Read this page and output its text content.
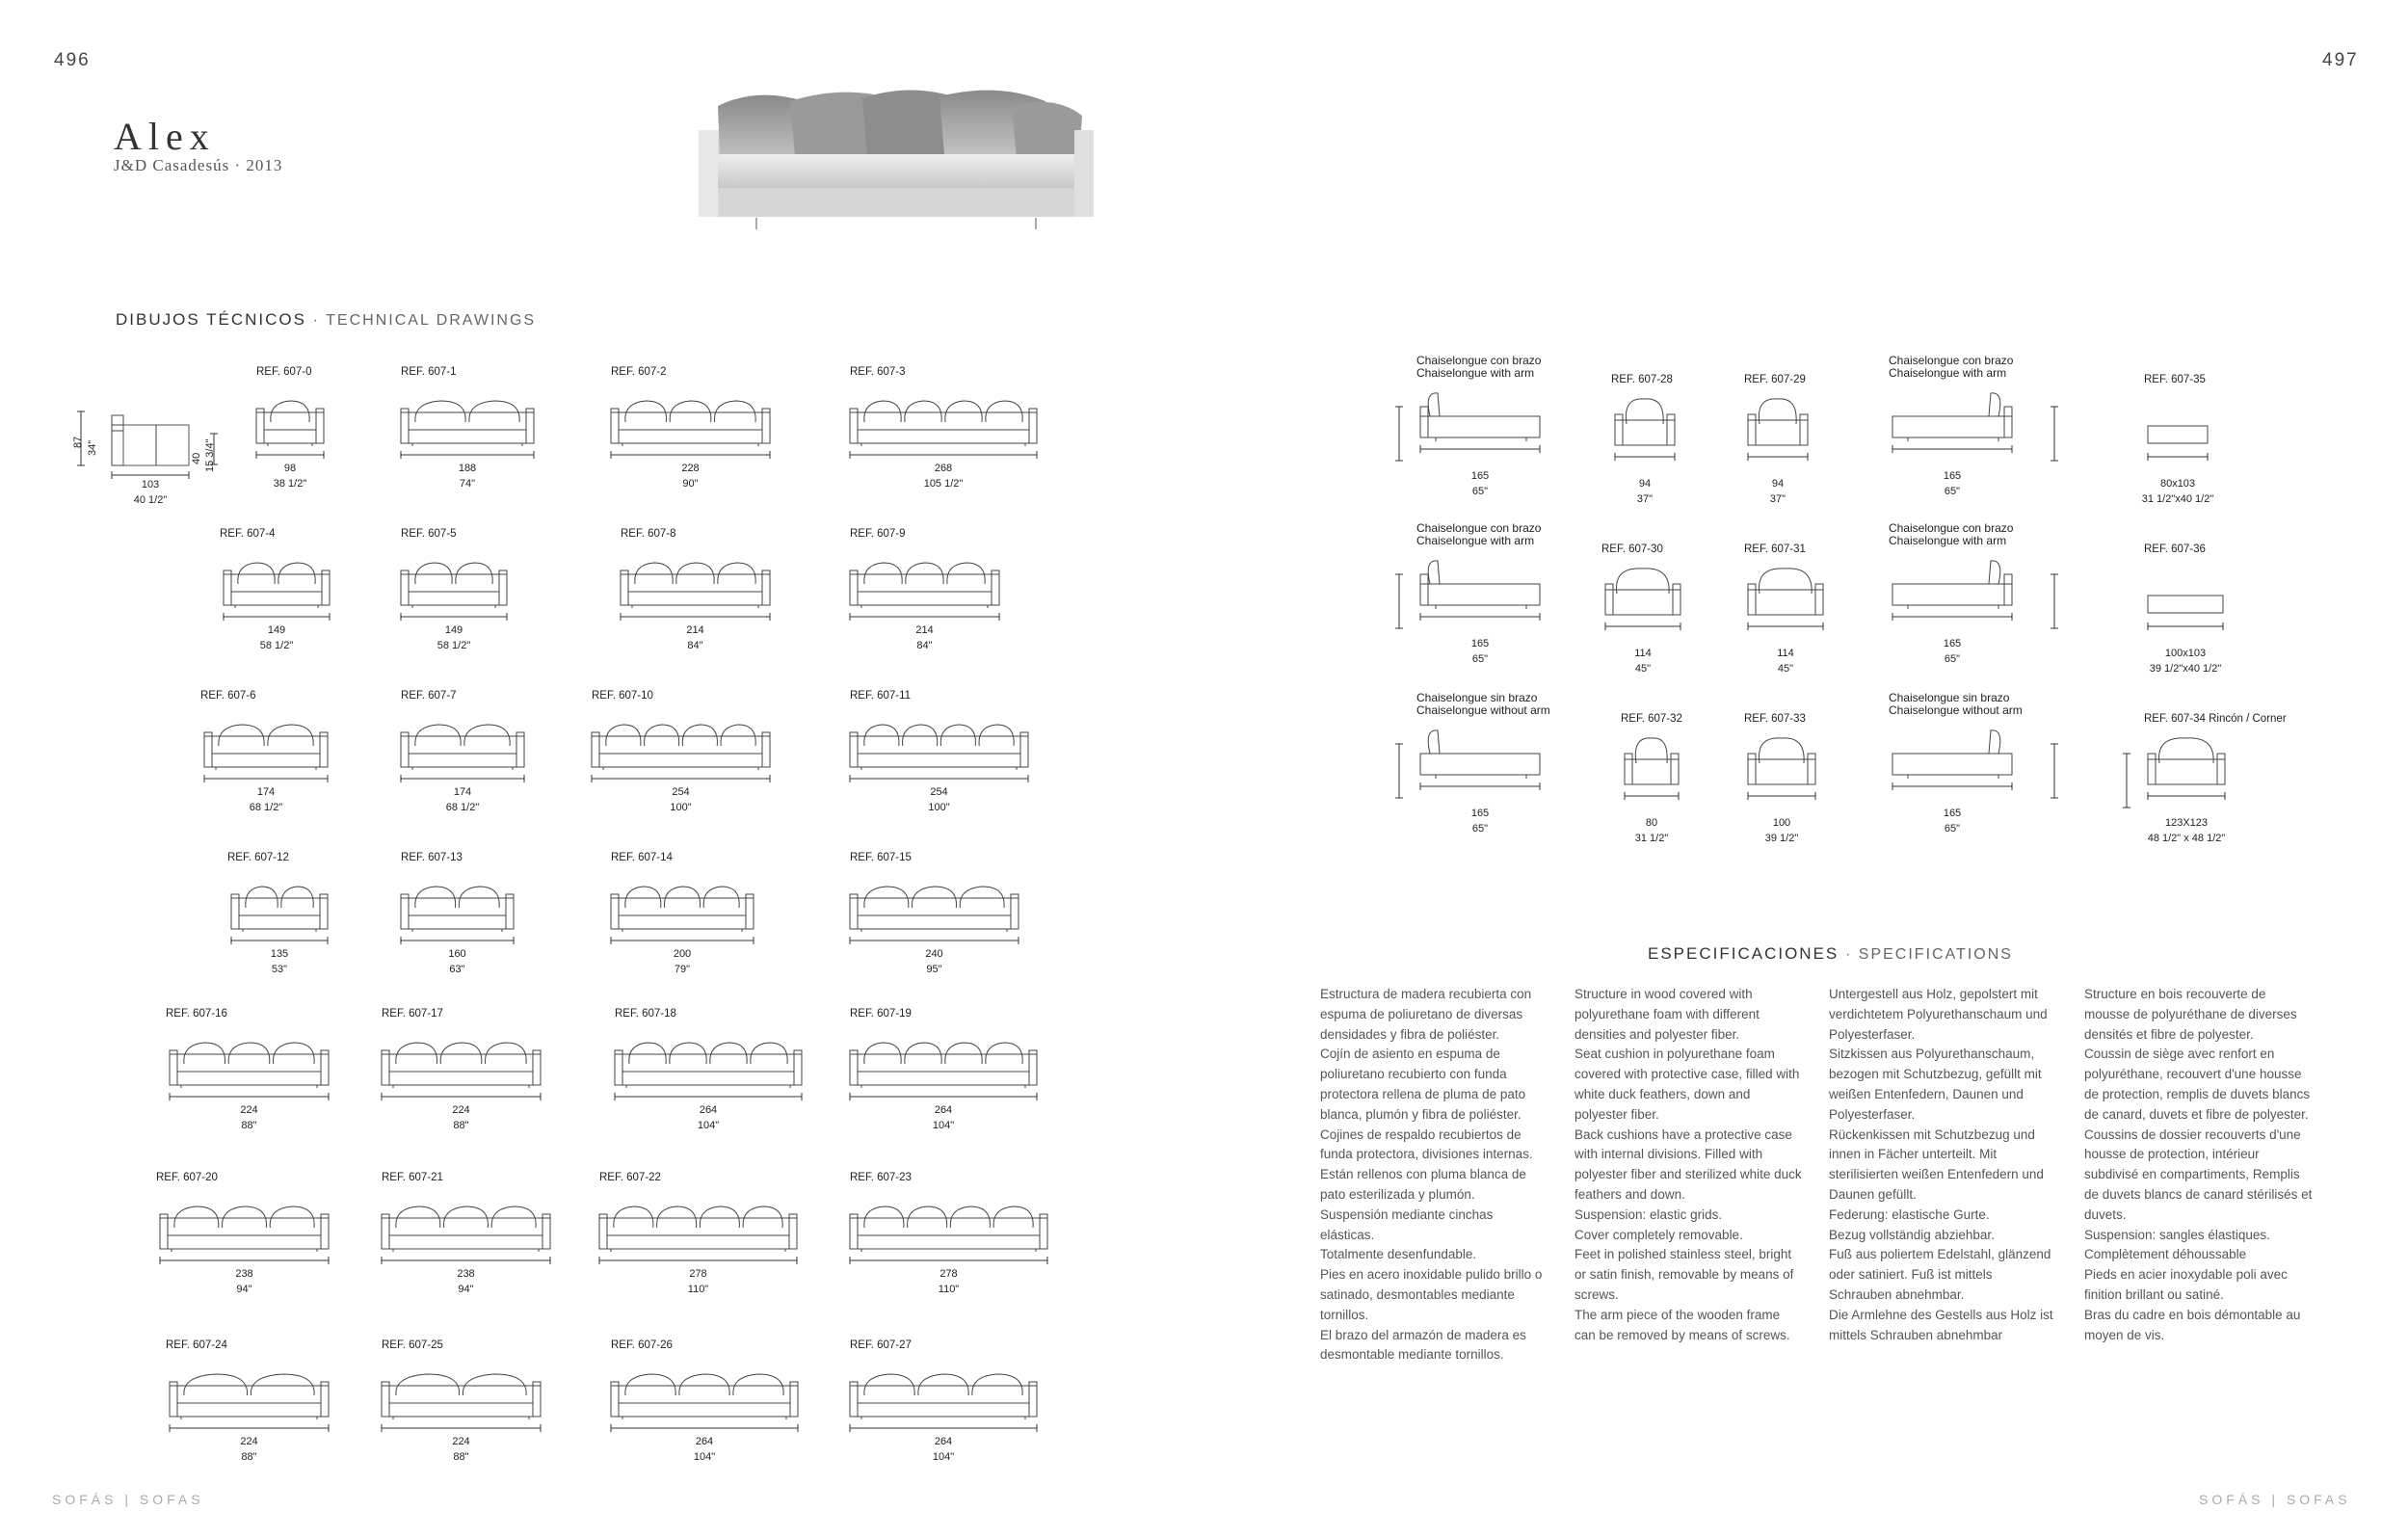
496	497
Alex
J&D Casadesús · 2013
DIBUJOS TÉCNICOS · TECHNICAL DRAWINGS
87 34"
103
40 1/2"
40 15 3/4"
REF. 607-0
98
38 1/2"
REF. 607-1
188
74"
REF. 607-2
228
90"
REF. 607-3
268
105 1/2"
REF. 607-4
149
58 1/2"
REF. 607-5
149
58 1/2"
REF. 607-8
214
84"
REF. 607-9
214
84"
REF. 607-6
174
68 1/2"
REF. 607-7
174
68 1/2"
REF. 607-10
254
100"
REF. 607-11
254
100"
REF. 607-12
135
53"
REF. 607-13
160
63"
REF. 607-14
200
79"
REF. 607-15
240
95"
REF. 607-16
224
88"
REF. 607-17
224
88"
REF. 607-18
264
104"
REF. 607-19
264
104"
REF. 607-20
238
94"
REF. 607-21
238
94"
REF. 607-22
278
110"
REF. 607-23
278
110"
REF. 607-24
224
88"
REF. 607-25
224
88"
REF. 607-26
264
104"
REF. 607-27
264
104"
Chaiselongue con brazo
Chaiselongue with arm
165
65"
REF. 607-28
94
37"
REF. 607-29
94
37"
Chaiselongue con brazo
Chaiselongue with arm
165
65"
REF. 607-35
80x103
31 1/2"x40 1/2"
Chaiselongue con brazo
Chaiselongue with arm
165
65"
REF. 607-30
114
45"
REF. 607-31
114
45"
Chaiselongue con brazo
Chaiselongue with arm
165
65"
REF. 607-36
100x103
39 1/2"x40 1/2"
Chaiselongue sin brazo
Chaiselongue without arm
165
65"
REF. 607-32
80
31 1/2"
REF. 607-33
100
39 1/2"
Chaiselongue sin brazo
Chaiselongue without arm
165
65"
REF. 607-34 Rincón / Corner
123X123
48 1/2" x 48 1/2"
ESPECIFICACIONES · SPECIFICATIONS

Estructura de madera recubierta con espuma de poliuretano de diversas densidades y fibra de poliéster.

Cojín de asiento en espuma de poliuretano recubierto con funda protectora rellena de pluma de pato blanca, plumón y fibra de poliéster.

Cojines de respaldo recubiertos de funda protectora, divisiones internas. Están rellenos con pluma blanca de pato esterilizada y plumón.

Suspensión mediante cinchas elásticas.

Totalmente desenfundable.

Pies en acero inoxidable pulido brillo o satinado, desmontables mediante tornillos.

El brazo del armazón de madera es desmontable mediante tornillos.

Structure in wood covered with polyurethane foam with different densities and polyester fiber.

Seat cushion in polyurethane foam covered with protective case, filled with white duck feathers, down and polyester fiber.

Back cushions have a protective case with internal divisions. Filled with polyester fiber and sterilized white duck feathers and down.

Suspension: elastic grids.

Cover completely removable.

Feet in polished stainless steel, bright or satin finish, removable by means of screws.

The arm piece of the wooden frame can be removed by means of screws.

Untergestell aus Holz, gepolstert mit verdichtetem Polyurethanschaum und Polyesterfaser.

Sitzkissen aus Polyurethanschaum, bezogen mit Schutzbezug, gefüllt mit weißen Entenfedern, Daunen und Polyesterfaser.

Rückenkissen mit Schutzbezug und innen in Fächer unterteilt. Mit sterilisierten weißen Entenfedern und Daunen gefüllt.

Federung: elastische Gurte.

Bezug vollständig abziehbar.

Fuß aus poliertem Edelstahl, glänzend oder satiniert. Fuß ist mittels Schrauben abnehmbar.

Die Armlehne des Gestells aus Holz ist mittels Schrauben abnehmbar

Structure en bois recouverte de mousse de polyuréthane de diverses densités et fibre de polyester.

Coussin de siège avec renfort en polyuréthane, recouvert d'une housse de protection, remplis de duvets blancs de canard, duvets et fibre de polyester.

Coussins de dossier recouverts d'une housse de protection, intérieur subdivisé en compartiments, Remplis de duvets blancs de canard stérilisés et duvets.

Suspension: sangles élastiques.

Complètement déhoussable

Pieds en acier inoxydable poli avec finition brillant ou satiné.

Bras du cadre en bois démontable au moyen de vis.

SOFÁS | SOFAS	SOFÁS | SOFAS
